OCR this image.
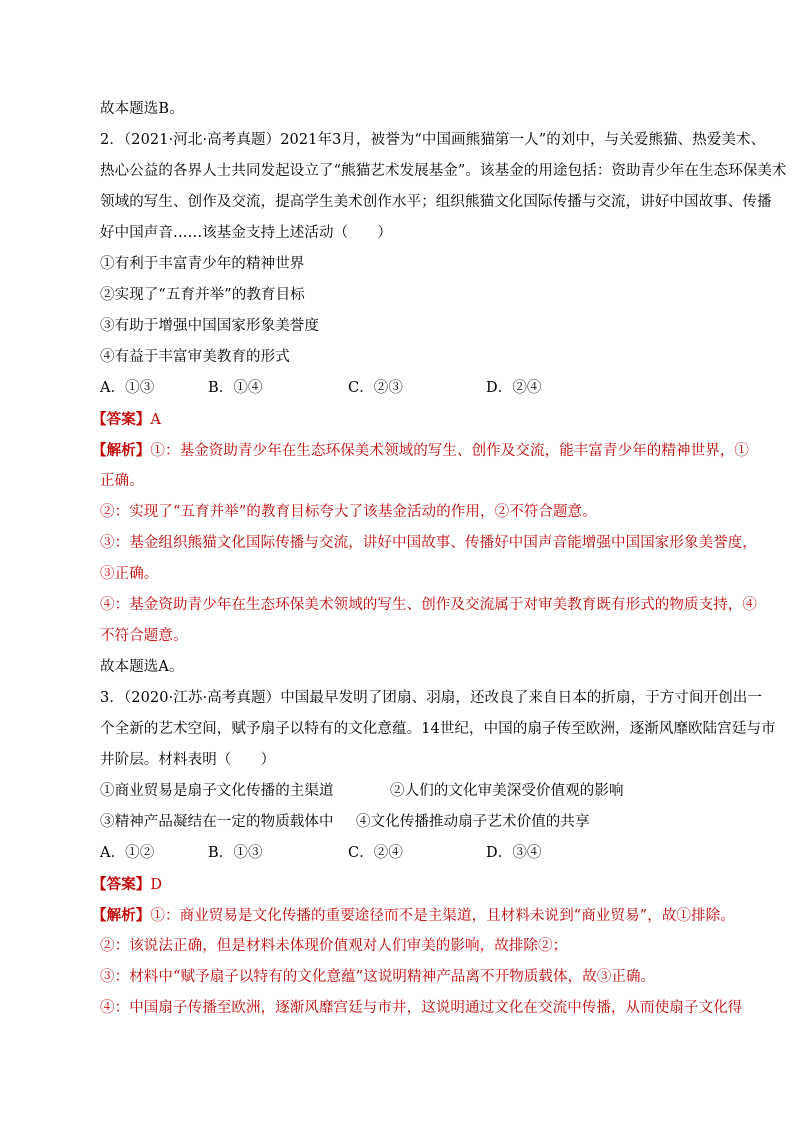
故本题选B。
2．（2021·河北·高考真题）2021年3月，被誉为“中国画熊猫第一人”的刘中，与关爱熊猫、热爱美术、
热心公益的各界人士共同发起设立了“熊猫艺术发展基金”。该基金的用途包括：资助青少年在生态环保美术
领域的写生、创作及交流，提高学生美术创作水平；组织熊猫文化国际传播与交流，讲好中国故事、传播
好中国声音……该基金支持上述活动（　　）
①有利于丰富青少年的精神世界
②实现了“五育并举”的教育目标
③有助于增强中国国家形象美誉度
④有益于丰富审美教育的形式
A．①③	B．①④	C．②③	D．②④
【答案】A
【解析】①：基金资助青少年在生态环保美术领域的写生、创作及交流，能丰富青少年的精神世界，①
正确。
②：实现了“五育并举”的教育目标夸大了该基金活动的作用，②不符合题意。
③：基金组织熊猫文化国际传播与交流，讲好中国故事、传播好中国声音能增强中国国家形象美誉度，
③正确。
④：基金资助青少年在生态环保美术领域的写生、创作及交流属于对审美教育既有形式的物质支持，④
不符合题意。
故本题选A。
3．（2020·江苏·高考真题）中国最早发明了团扇、羽扇，还改良了来自日本的折扇，于方寸间开创出一
个全新的艺术空间，赋予扇子以特有的文化意蕴。14世纪，中国的扇子传至欧洲，逐渐风靡欧陆宫廷与市
井阶层。材料表明（　　）
①商业贸易是扇子文化传播的主渠道	②人们的文化审美深受价值观的影响
③精神产品凝结在一定的物质载体中 ④文化传播推动扇子艺术价值的共享
A．①②	B．①③	C．②④	D．③④
【答案】D
【解析】①：商业贸易是文化传播的重要途径而不是主渠道，且材料未说到“商业贸易”，故①排除。
②：该说法正确，但是材料未体现价值观对人们审美的影响，故排除②；
③：材料中“赋予扇子以特有的文化意蕴”这说明精神产品离不开物质载体，故③正确。
④：中国扇子传播至欧洲，逐渐风靡宫廷与市井，这说明通过文化在交流中传播，从而使扇子文化得
